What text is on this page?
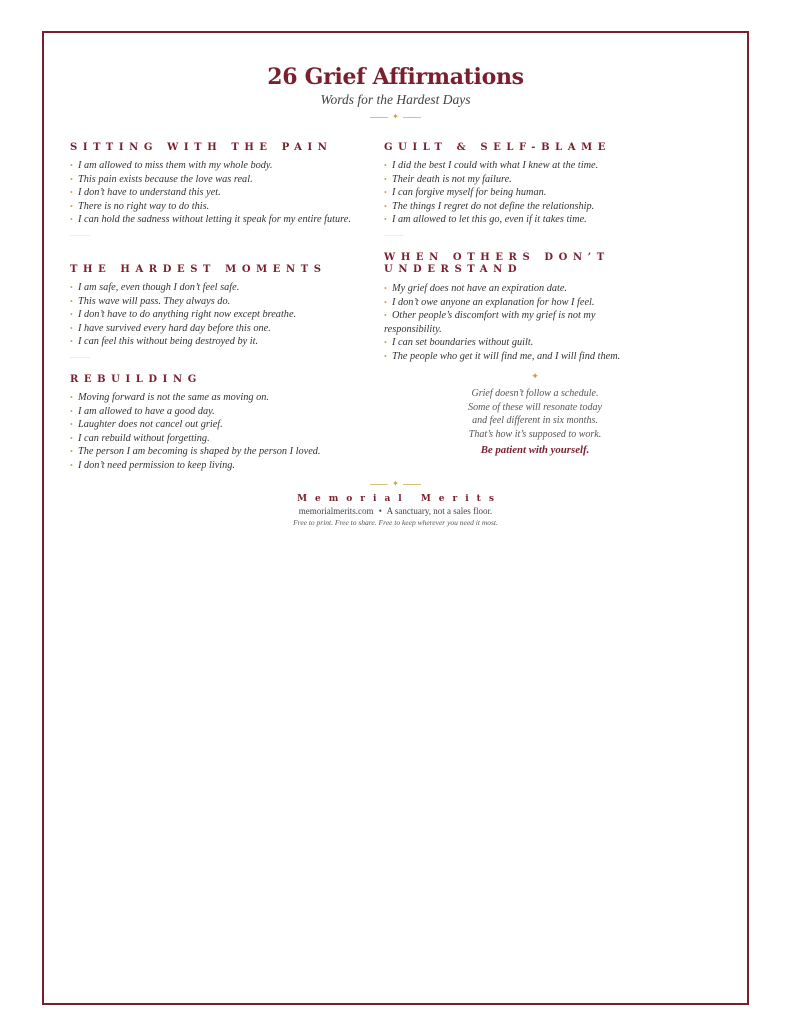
26 Grief Affirmations
Words for the Hardest Days
✦
SITTING WITH THE PAIN
• I am allowed to miss them with my whole body.
• This pain exists because the love was real.
• I don’t have to understand this yet.
• There is no right way to do this.
• I can hold the sadness without letting it speak for my entire future.
THE HARDEST MOMENTS
• I am safe, even though I don’t feel safe.
• This wave will pass. They always do.
• I don’t have to do anything right now except breathe.
• I have survived every hard day before this one.
• I can feel this without being destroyed by it.
REBUILDING
• Moving forward is not the same as moving on.
• I am allowed to have a good day.
• Laughter does not cancel out grief.
• I can rebuild without forgetting.
• The person I am becoming is shaped by the person I loved.
• I don’t need permission to keep living.
GUILT & SELF-BLAME
• I did the best I could with what I knew at the time.
• Their death is not my failure.
• I can forgive myself for being human.
• The things I regret do not define the relationship.
• I am allowed to let this go, even if it takes time.
WHEN OTHERS DON’T UNDERSTAND
• My grief does not have an expiration date.
• I don’t owe anyone an explanation for how I feel.
• Other people’s discomfort with my grief is not my responsibility.
• I can set boundaries without guilt.
• The people who get it will find me, and I will find them.
✦
Grief doesn’t follow a schedule.
Some of these will resonate today
and feel different in six months.
That’s how it’s supposed to work.
Be patient with yourself.
✦
Memorial Merits
memorialmerits.com • A sanctuary, not a sales floor.
Free to print. Free to share. Free to keep wherever you need it most.
